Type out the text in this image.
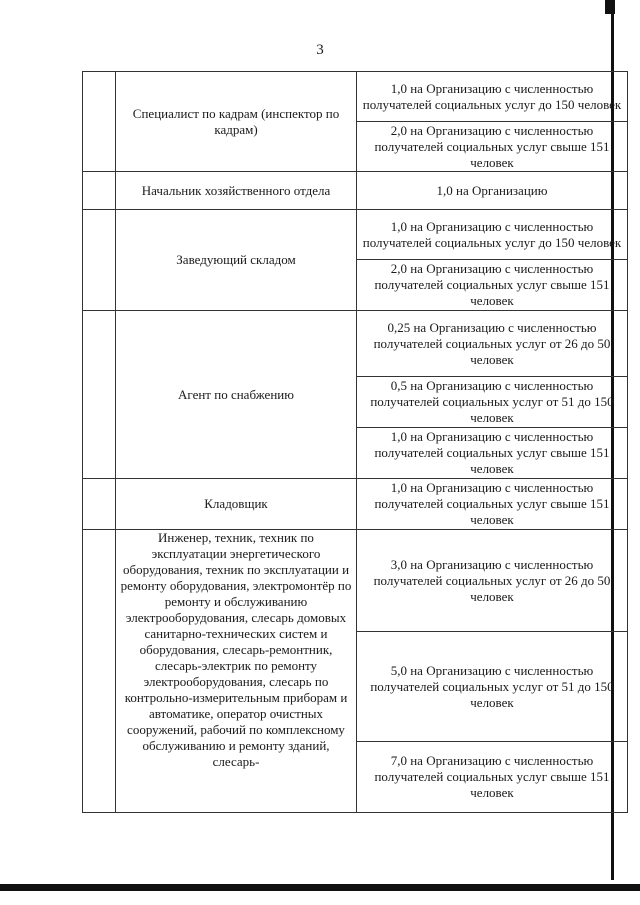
3
	Специалист по кадрам (инспектор по кадрам)	1,0 на Организацию с численностью получателей социальных услуг до 150 человек
		2,0 на Организацию с численностью получателей социальных услуг свыше 151 человек
	Начальник хозяйственного отдела	1,0 на Организацию
	Заведующий складом	1,0 на Организацию с численностью получателей социальных услуг до 150 человек
		2,0 на Организацию с численностью получателей социальных услуг свыше 151 человек
	Агент по снабжению	0,25 на Организацию с численностью получателей социальных услуг от 26 до 50 человек
		0,5 на Организацию с численностью получателей социальных услуг от 51 до 150 человек
		1,0 на Организацию с численностью получателей социальных услуг свыше 151 человек
	Кладовщик	1,0 на Организацию с численностью получателей социальных услуг свыше 151 человек
	Инженер, техник, техник по эксплуатации энергетического оборудования, техник по эксплуатации и ремонту оборудования, электромонтёр по ремонту и обслуживанию электрооборудования, слесарь домовых санитарно-технических систем и оборудования, слесарь-ремонтник, слесарь-электрик по ремонту электрооборудования, слесарь по контрольно-измерительным приборам и автоматике, оператор очистных сооружений, рабочий по комплексному обслуживанию и ремонту зданий, слесарь-	3,0 на Организацию с численностью получателей социальных услуг от 26 до 50 человек
		5,0 на Организацию с численностью получателей социальных услуг от 51 до 150 человек
		7,0 на Организацию с численностью получателей социальных услуг свыше 151 человек
